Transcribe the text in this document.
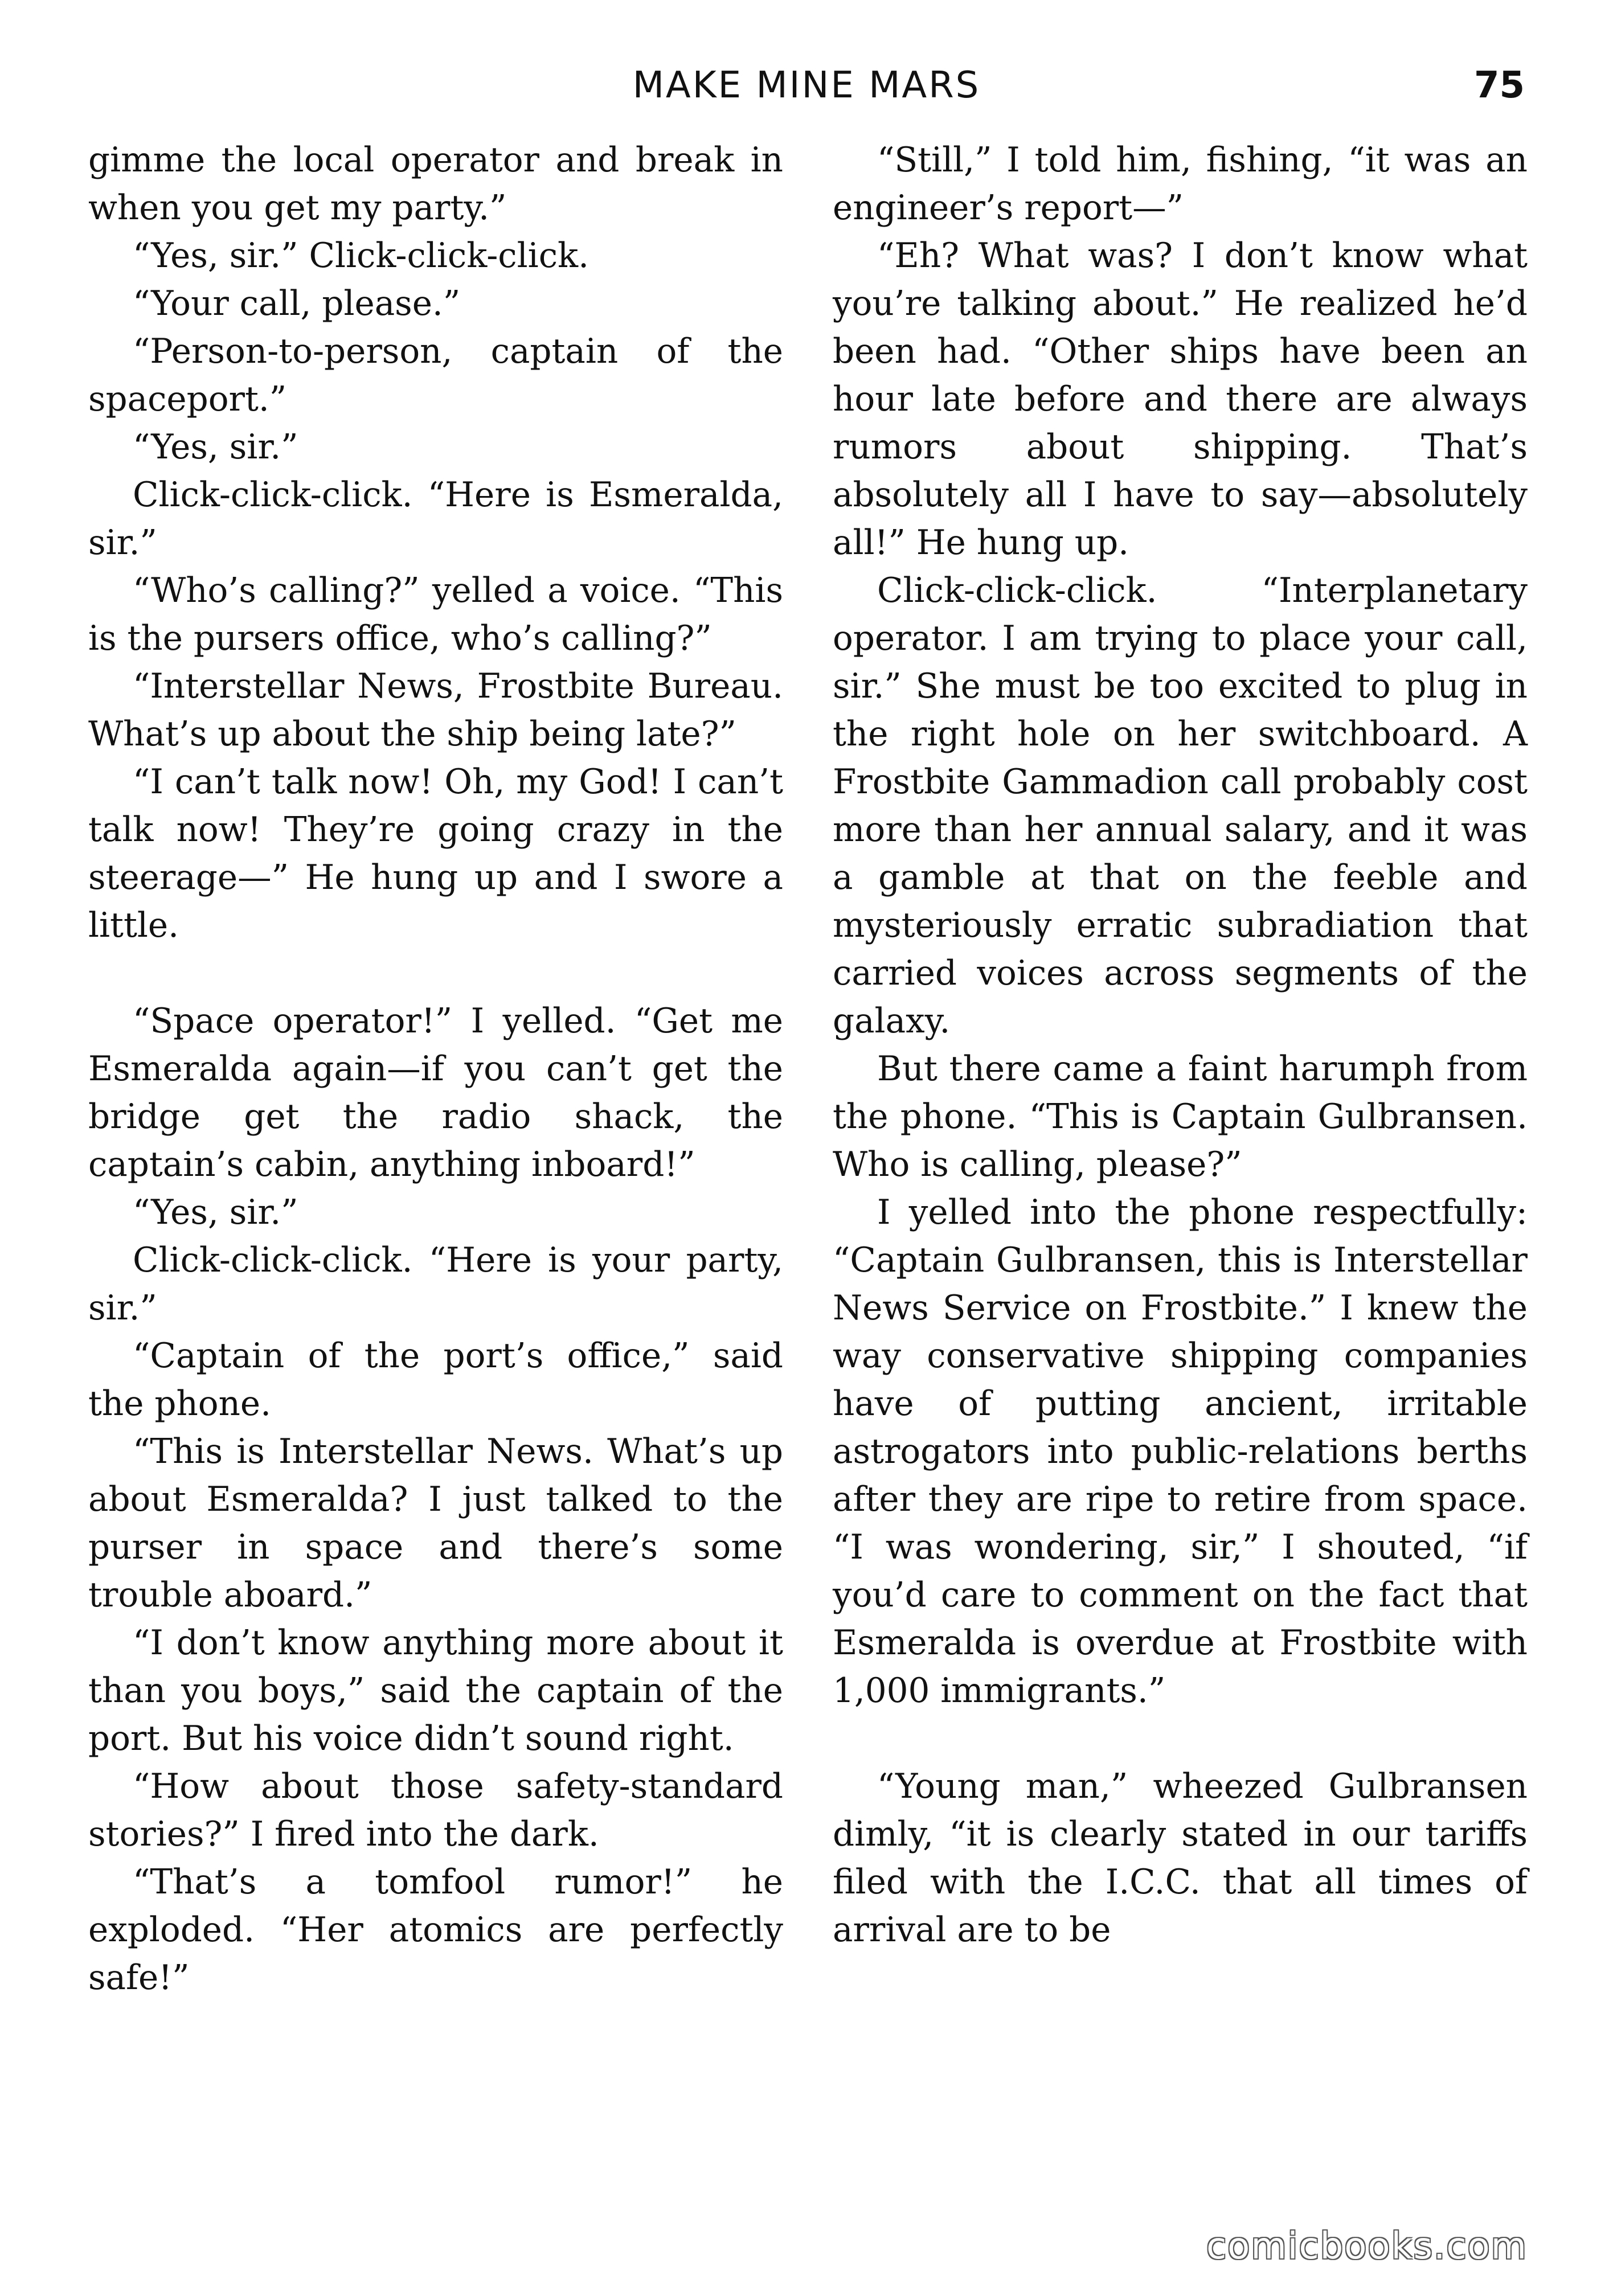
MAKE MINE MARS	75

gimme the local operator and break in when you get my party.”

“Yes, sir.” Click-click-click.

“Your call, please.”

“Person-to-person, captain of the spaceport.”

“Yes, sir.”

Click-click-click. “Here is Esmeralda, sir.”

“Who’s calling?” yelled a voice. “This is the pursers office, who’s calling?”

“Interstellar News, Frostbite Bureau. What’s up about the ship being late?”

“I can’t talk now! Oh, my God! I can’t talk now! They’re going crazy in the steerage—” He hung up and I swore a little.

“Space operator!” I yelled. “Get me Esmeralda again—if you can’t get the bridge get the radio shack, the captain’s cabin, anything inboard!”

“Yes, sir.”

Click-click-click. “Here is your party, sir.”

“Captain of the port’s office,” said the phone.

“This is Interstellar News. What’s up about Esmeralda? I just talked to the purser in space and there’s some trouble aboard.”

“I don’t know anything more about it than you boys,” said the captain of the port. But his voice didn’t sound right.

“How about those safety-standard stories?” I fired into the dark.

“That’s a tomfool rumor!” he exploded. “Her atomics are perfectly safe!”

“Still,” I told him, fishing, “it was an engineer’s report—”

“Eh? What was? I don’t know what you’re talking about.” He realized he’d been had. “Other ships have been an hour late before and there are always rumors about shipping. That’s absolutely all I have to say—absolutely all!” He hung up.

Click-click-click. “Interplanetary operator. I am trying to place your call, sir.” She must be too excited to plug in the right hole on her switchboard. A Frostbite Gammadion call probably cost more than her annual salary, and it was a gamble at that on the feeble and mysteriously erratic subradiation that carried voices across segments of the galaxy.

But there came a faint harumph from the phone. “This is Captain Gulbransen. Who is calling, please?”

I yelled into the phone respectfully: “Captain Gulbransen, this is Interstellar News Service on Frostbite.” I knew the way conservative shipping companies have of putting ancient, irritable astrogators into public-relations berths after they are ripe to retire from space. “I was wondering, sir,” I shouted, “if you’d care to comment on the fact that Esmeralda is overdue at Frostbite with 1,000 immigrants.”

“Young man,” wheezed Gulbransen dimly, “it is clearly stated in our tariffs filed with the I.C.C. that all times of arrival are to be

comicbooks.com
